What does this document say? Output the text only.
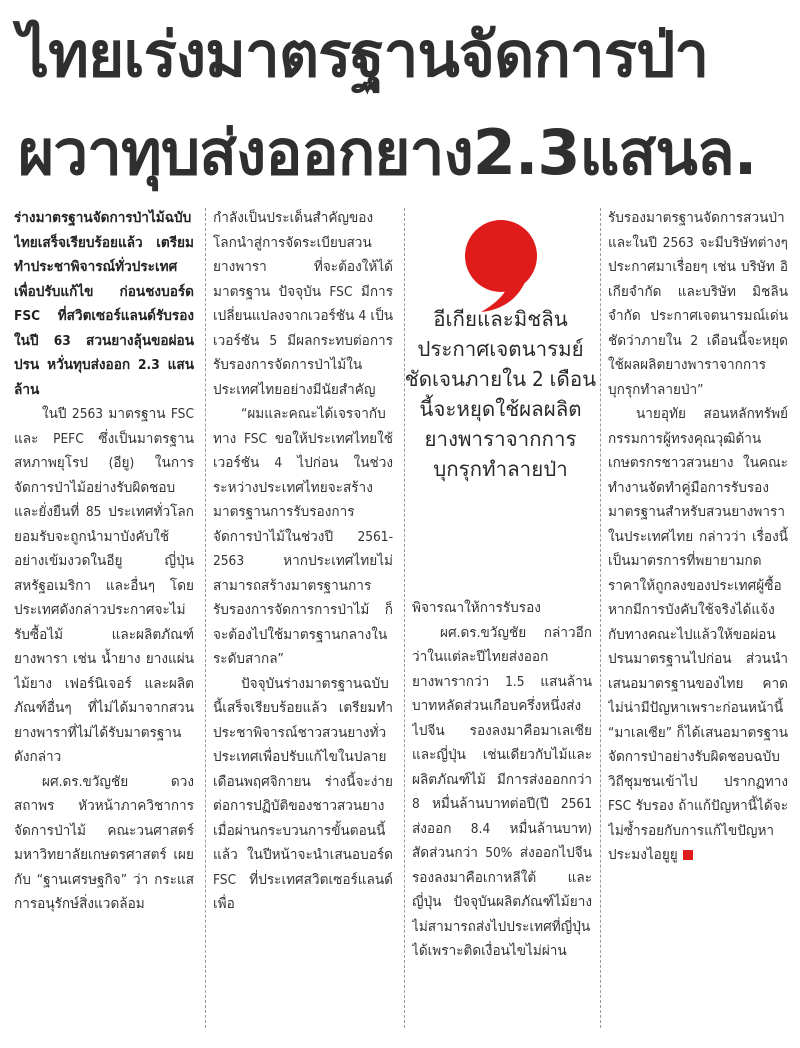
ไทยเร่งมาตรฐานจัดการป่า
ผวาทุบส่งออกยาง2.3แสนล.

ร่างมาตรฐานจัดการป่าไม้ฉบับไทยเสร็จเรียบร้อยแล้ว เตรียมทำประชาพิจารณ์ทั่วประเทศ เพื่อปรับแก้ไข ก่อนชงบอร์ด FSC ที่สวิตเซอร์แลนด์รับรองในปี 63 สวนยางลุ้นขอผ่อนปรน หวั่นทุบส่งออก 2.3 แสนล้าน

ในปี 2563 มาตรฐาน FSC และ PEFC ซึ่งเป็นมาตรฐานสหภาพยุโรป (อียู) ในการจัดการป่าไม้อย่างรับผิดชอบและยั่งยืนที่ 85 ประเทศทั่วโลกยอมรับจะถูกนำมาบังคับใช้อย่างเข้มงวดในอียู ญี่ปุ่น สหรัฐอเมริกา และอื่นๆ โดยประเทศดังกล่าวประกาศจะไม่รับซื้อไม้ และผลิตภัณฑ์ยางพารา เช่น น้ำยาง ยางแผ่น ไม้ยาง เฟอร์นิเจอร์ และผลิตภัณฑ์อื่นๆ ที่ไม่ได้มาจากสวนยางพาราที่ไม่ได้รับมาตรฐานดังกล่าว

ผศ.ดร.ขวัญชัย ดวงสถาพร หัวหน้าภาควิชาการจัดการป่าไม้ คณะวนศาสตร์ มหาวิทยาลัยเกษตรศาสตร์ เผยกับ “ฐานเศรษฐกิจ” ว่า กระแสการอนุรักษ์สิ่งแวดล้อม

กำลังเป็นประเด็นสำคัญของโลกนำสู่การจัดระเบียบสวนยางพารา ที่จะต้องให้ได้มาตรฐาน ปัจจุบัน FSC มีการเปลี่ยนแปลงจากเวอร์ชัน 4 เป็นเวอร์ชัน 5 มีผลกระทบต่อการรับรองการจัดการป่าไม้ในประเทศไทยอย่างมีนัยสำคัญ

“ผมและคณะได้เจรจากับทาง FSC ขอให้ประเทศไทยใช้เวอร์ชัน 4 ไปก่อน ในช่วงระหว่างประเทศไทยจะสร้างมาตรฐานการรับรองการจัดการป่าไม้ในช่วงปี 2561-2563 หากประเทศไทยไม่สามารถสร้างมาตรฐานการรับรองการจัดการการป่าไม้ ก็จะต้องไปใช้มาตรฐานกลางในระดับสากล”

ปัจจุบันร่างมาตรฐานฉบับนี้เสร็จเรียบร้อยแล้ว เตรียมทำประชาพิจารณ์ชาวสวนยางทั่วประเทศเพื่อปรับแก้ไขในปลายเดือนพฤศจิกายน ร่างนี้จะง่ายต่อการปฏิบัติของชาวสวนยาง เมื่อผ่านกระบวนการขั้นตอนนี้แล้ว ในปีหน้าจะนำเสนอบอร์ด FSC ที่ประเทศสวิตเซอร์แลนด์เพื่อ

อีเกียและมิชลิน ประกาศเจตนารมย์ชัดเจนภายใน 2 เดือนนี้จะหยุดใช้ผลผลิตยางพาราจากการบุกรุกทำลายป่า

พิจารณาให้การรับรอง

ผศ.ดร.ขวัญชัย กล่าวอีกว่าในแต่ละปีไทยส่งออกยางพารากว่า 1.5 แสนล้านบาทหลัดส่วนเกือบครึ่งหนึ่งส่งไปจีน รองลงมาคือมาเลเซีย และญี่ปุ่น เช่นเดียวกับไม้และผลิตภัณฑ์ไม้ มีการส่งออกกว่า 8 หมื่นล้านบาทต่อปี(ปี 2561 ส่งออก 8.4 หมื่นล้านบาท) สัดส่วนกว่า 50% ส่งออกไปจีน รองลงมาคือเกาหลีใต้ และญี่ปุ่น ปัจจุบันผลิตภัณฑ์ไม้ยางไม่สามารถส่งไปประเทศที่ญี่ปุ่นได้เพราะติดเงื่อนไขไม่ผ่าน

รับรองมาตรฐานจัดการสวนป่า และในปี 2563 จะมีบริษัทต่างๆ ประกาศมาเรื่อยๆ เช่น บริษัท อิเกียจำกัด และบริษัท มิชลินจำกัด ประกาศเจตนารมณ์เด่นชัดว่าภายใน 2 เดือนนี้จะหยุดใช้ผลผลิตยางพาราจากการบุกรุกทำลายป่า”

นายอุทัย สอนหลักทรัพย์ กรรมการผู้ทรงคุณวุฒิด้านเกษตรกรชาวสวนยาง ในคณะทำงานจัดทำคู่มือการรับรองมาตรฐานสำหรับสวนยางพาราในประเทศไทย กล่าวว่า เรื่องนี้เป็นมาตรการที่พยายามกดราคาให้ถูกลงของประเทศผู้ซื้อ หากมีการบังคับใช้จริงได้แจ้งกับทางคณะไปแล้วให้ขอผ่อนปรนมาตรฐานไปก่อน ส่วนนำเสนอมาตรฐานของไทย คาดไม่น่ามีปัญหาเพราะก่อนหน้านี้ “มาเลเซีย” ก็ได้เสนอมาตรฐานจัดการป่าอย่างรับผิดชอบฉบับวิถีชุมชนเข้าไป ปรากฏทาง FSC รับรอง ถ้าแก้ปัญหานี้ได้จะไม่ซ้ำรอยกับการแก้ไขปัญหาประมงไอยูยู
